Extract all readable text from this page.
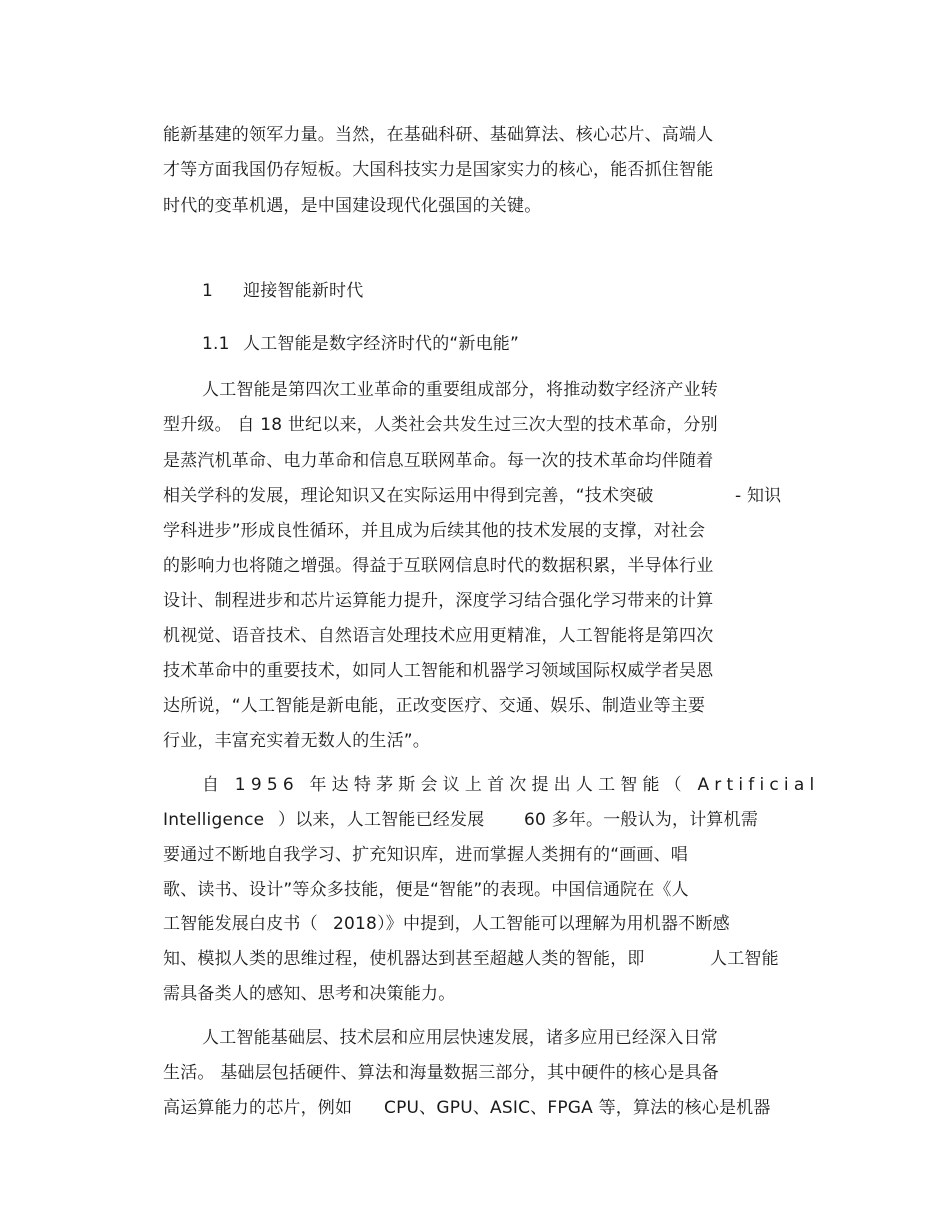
能新基建的领军力量。当然，在基础科研、基础算法、核心芯片、高端人
才等方面我国仍存短板。大国科技实力是国家实力的核心，能否抓住智能
时代的变革机遇，是中国建设现代化强国的关键。
1 迎接智能新时代
1.1 人工智能是数字经济时代的“新电能”
人工智能是第四次工业革命的重要组成部分，将推动数字经济产业转
型升级。 自 18 世纪以来，人类社会共发生过三次大型的技术革命，分别
是蒸汽机革命、电力革命和信息互联网革命。每一次的技术革命均伴随着
相关学科的发展，理论知识又在实际运用中得到完善，“技术突破	- 知识
学科进步”形成良性循环，并且成为后续其他的技术发展的支撑，对社会
的影响力也将随之增强。得益于互联网信息时代的数据积累，半导体行业
设计、制程进步和芯片运算能力提升，深度学习结合强化学习带来的计算
机视觉、语音技术、自然语言处理技术应用更精准，人工智能将是第四次
技术革命中的重要技术，如同人工智能和机器学习领域国际权威学者吴恩
达所说，“人工智能是新电能，正改变医疗、交通、娱乐、制造业等主要
行业，丰富充实着无数人的生活”。
自 1956 年达特茅斯会议上首次提出人工智能（ Artificial
Intelligence ）以来，人工智能已经发展 60 多年。一般认为，计算机需
要通过不断地自我学习、扩充知识库，进而掌握人类拥有的“画画、唱
歌、读书、设计”等众多技能，便是“智能”的表现。中国信通院在《人
工智能发展白皮书（ 2018）》中提到，人工智能可以理解为用机器不断感
知、模拟人类的思维过程，使机器达到甚至超越人类的智能，即	人工智能
需具备类人的感知、思考和决策能力。
人工智能基础层、技术层和应用层快速发展，诸多应用已经深入日常
生活。 基础层包括硬件、算法和海量数据三部分，其中硬件的核心是具备
高运算能力的芯片，例如 CPU、GPU、ASIC、FPGA 等，算法的核心是机器
